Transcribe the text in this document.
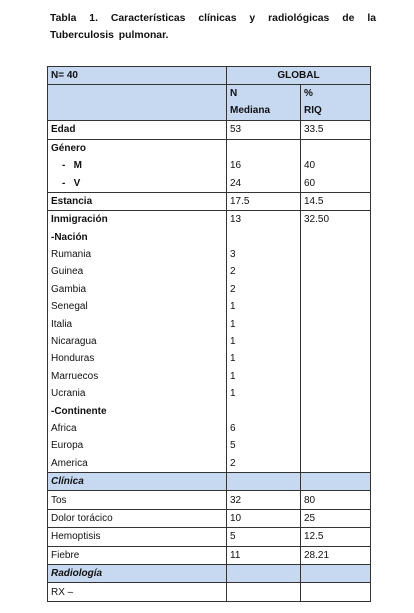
Tabla 1. Características clínicas y radiológicas de la
Tuberculosis pulmonar.
N= 40	GLOBAL	
	N	%
	Mediana	RIQ
Edad	53	33.5
Género		
-   M	16	40
-   V	24	60
Estancia	17.5	14.5
Inmigración	13	32.50
-Nación		
Rumania	3	
Guinea	2	
Gambia	2	
Senegal	1	
Italia	1	
Nicaragua	1	
Honduras	1	
Marruecos	1	
Ucrania	1	
-Continente		
Africa	6	
Europa	5	
America	2	
Clínica		
Tos	32	80
Dolor torácico	10	25
Hemoptisis	5	12.5
Fiebre	11	28.21
Radiología		
RX –		
